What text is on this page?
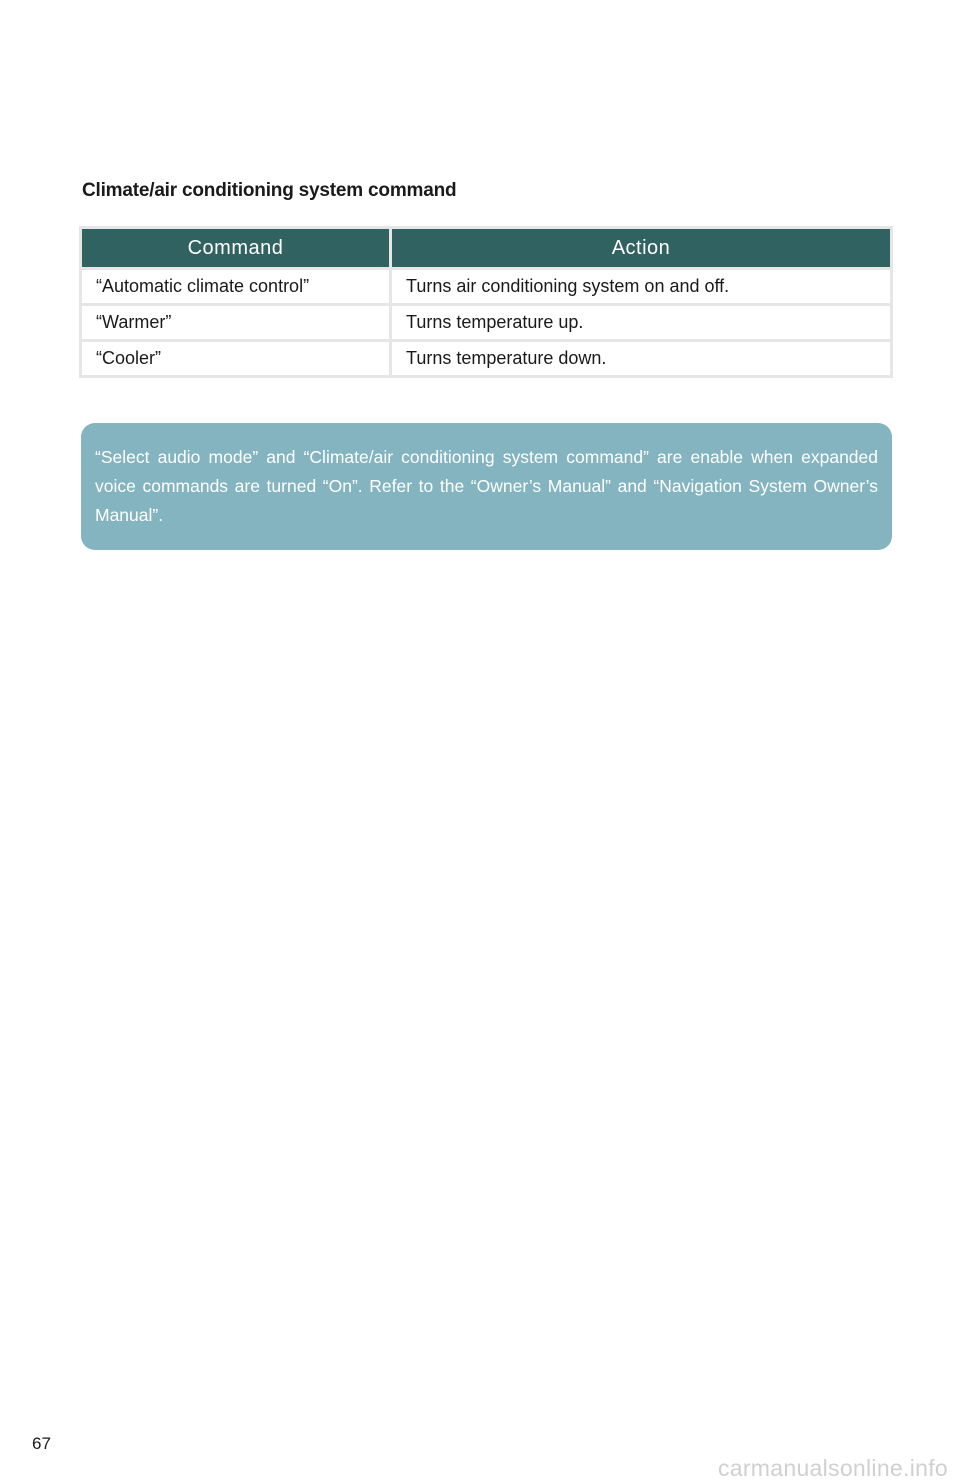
Climate/air conditioning system command
Command	Action
“Automatic climate control”	Turns air conditioning system on and off.
“Warmer”	Turns temperature up.
“Cooler”	Turns temperature down.

“Select audio mode” and “Climate/air conditioning system command” are enable when expanded voice commands are turned “On”. Refer to the “Owner’s Manual” and “Navigation System Owner’s Manual”.

67
carmanualsonline.info
